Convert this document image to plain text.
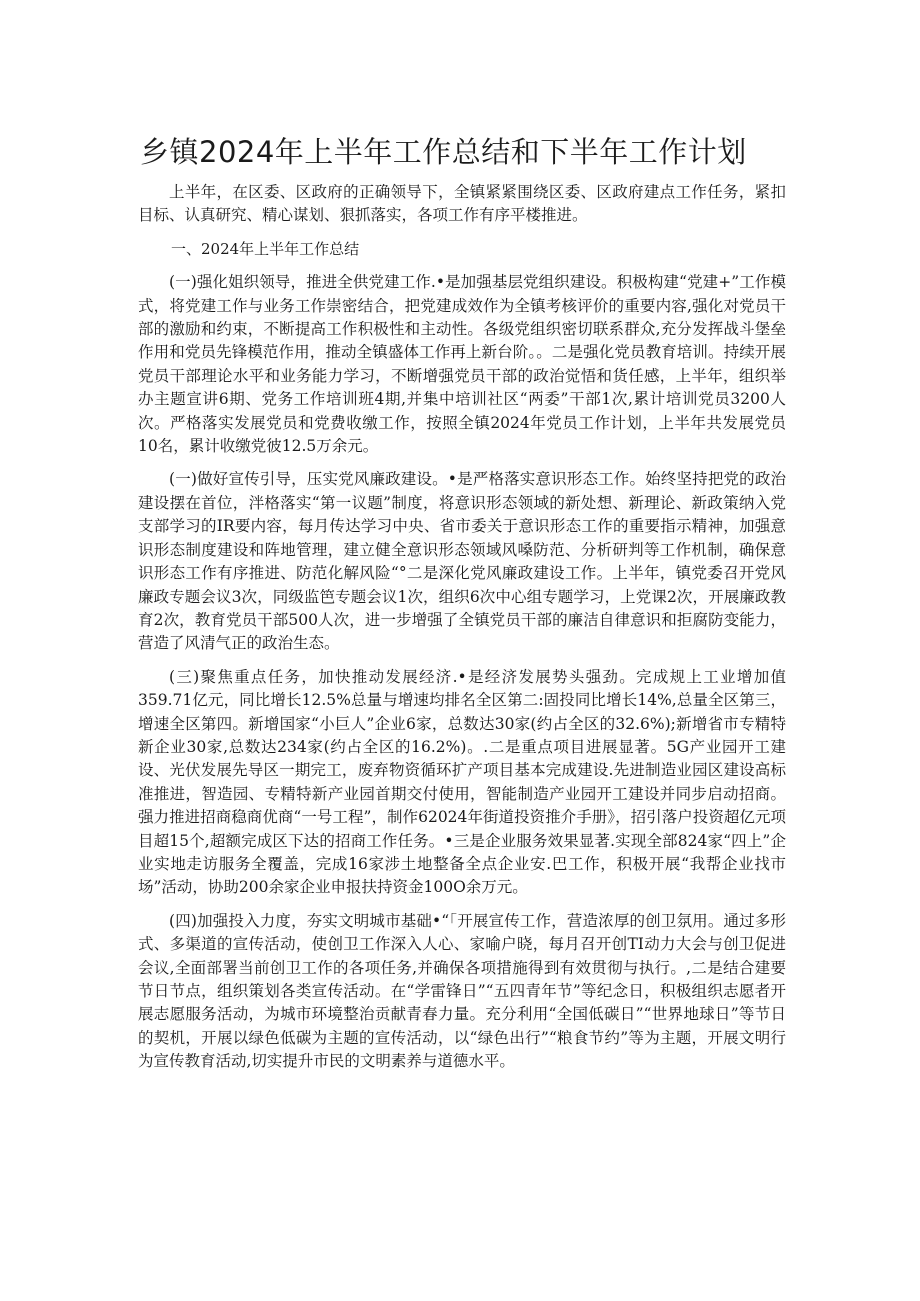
乡镇2024年上半年工作总结和下半年工作计划

上半年，在区委、区政府的正确领导下，全镇紧紧围绕区委、区政府建点工作任务，紧扣目标、认真研究、精心谋划、狠抓落实，各项工作有序平楼推进。

一、2024年上半年工作总结

(一)强化姐织领导，推进全供党建工作.•是加强基层党组织建设。积极构建“党建+”工作模式，将党建工作与业务工作崇密结合，把党建成效作为全镇考核评价的重要内容,强化对党员干部的激励和约束，不断提高工作积极性和主动性。各级党组织密切联系群众,充分发挥战斗堡垒作用和党员先锋模范作用，推动全镇盛体工作再上新台阶。。二是强化党员教育培训。持续开展党员干部理论水平和业务能力学习，不断增强党员干部的政治觉悟和货任感，上半年，组织举办主题宣讲6期、党务工作培训班4期,并集中培训社区“两委”干部1次,累计培训党员3200人次。严格落实发展党员和党费收缴工作，按照全镇2024年党员工作计划，上半年共发展党员10名，累计收缴党彼12.5万余元。

(一)做好宣传引导，压实党风廉政建设。•是严格落实意识形态工作。始终坚持把党的政治建设摆在首位，泮格落实“第一议题”制度，将意识形态领域的新处想、新理论、新政策纳入党支部学习的IR要内容，每月传达学习中央、省市委关于意识形态工作的重要指示精神，加强意识形态制度建设和阵地管理，建立健全意识形态领域风嗓防范、分析研判等工作机制，确保意识形态工作有序推进、防范化解风险“°二是深化党风廉政建设工作。上半年，镇党委召开党风廉政专题会议3次，同级监笆专题会议1次，组织6次中心组专题学习，上党课2次，开展廉政教育2次，教育党员干部500人次，进一步增强了全镇党员干部的廉洁自律意识和拒腐防变能力，营造了风清气正的政治生态。

(三)聚焦重点任务，加快推动发展经济.•是经济发展势头强劲。完成规上工业增加值359.71亿元，同比增长12.5%总量与增速均排名全区第二:固投同比增长14%,总量全区第三，增速全区第四。新增国家“小巨人”企业6家，总数达30家(约占全区的32.6%);新增省市专精特新企业30家,总数达234家(约占全区的16.2%)。.二是重点项目进展显著。5G产业园开工建设、光伏发展先导区一期完工，废弃物资循环扩产项目基本完成建设.先进制造业园区建设高标准推进，智造园、专精特新产业园首期交付使用，智能制造产业园开工建设并同步启动招商。强力推进招商稳商优商“一号工程”，制作62024年街道投资推介手册》，招引落户投资超亿元项目超15个,超额完成区下达的招商工作任务。•三是企业服务效果显著.实现全部824家“四上”企业实地走访服务全覆盖，完成16家涉土地整备全点企业安.巴工作，积极开展“我帮企业找市场”活动，协助200余家企业申报扶持资金100O余万元。

(四)加强投入力度，夯实文明城市基础•“「开展宣传工作，营造浓厚的创卫氛用。通过多形式、多渠道的宣传活动，使创卫工作深入人心、家喻户晓，每月召开创TI动力大会与创卫促进会议,全面部署当前创卫工作的各项任务,并确保各项措施得到有效贯彻与执行。,二是结合建要节日节点，组织策划各类宣传活动。在“学雷锋日”“五四青年节”等纪念日，积极组织志愿者开展志愿服务活动，为城市环境整治贡献青春力量。充分利用“全国低碳日”“世界地球日”等节日的契机，开展以绿色低碳为主题的宣传活动，以“绿色出行”“粮食节约”等为主题，开展文明行为宣传教育活动,切实提升市民的文明素养与道德水平。
